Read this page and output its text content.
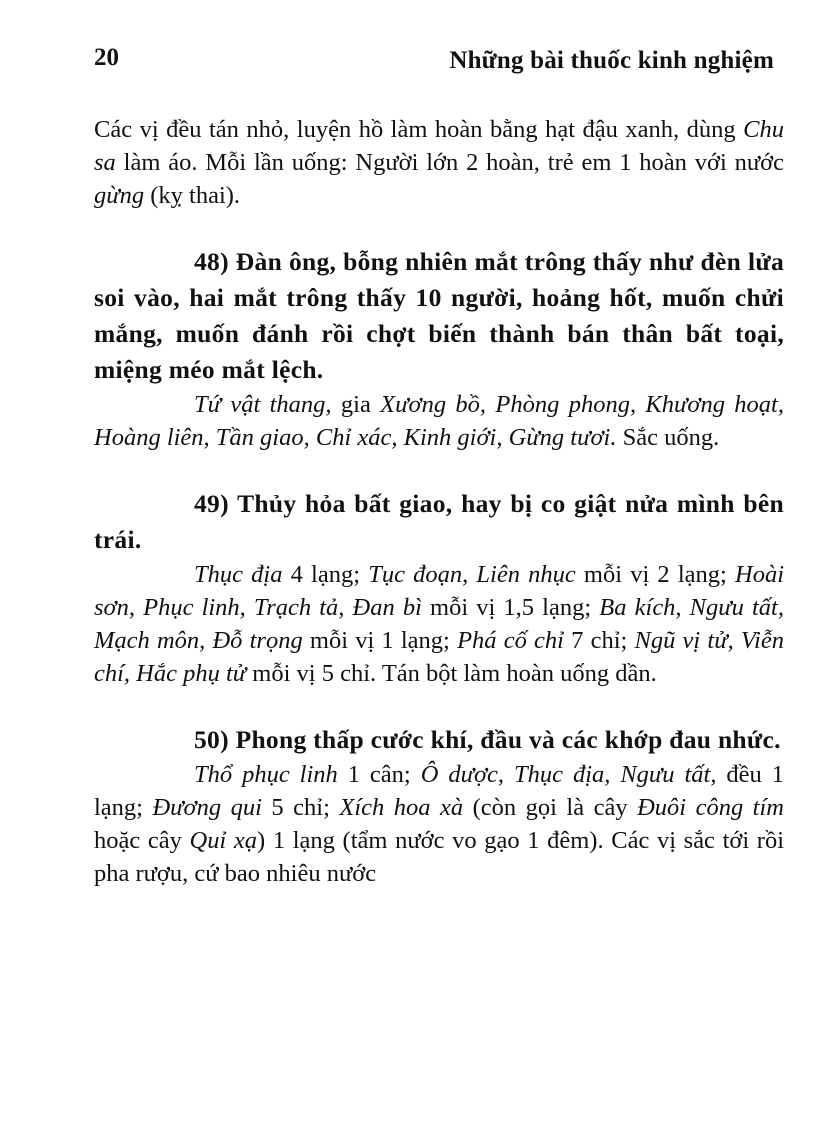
20	Những bài thuốc kinh nghiệm

Các vị đều tán nhỏ, luyện hồ làm hoàn bằng hạt đậu xanh, dùng Chu sa làm áo. Mỗi lần uống: Người lớn 2 hoàn, trẻ em 1 hoàn với nước gừng (kỵ thai).

48) Đàn ông, bỗng nhiên mắt trông thấy như đèn lửa soi vào, hai mắt trông thấy 10 người, hoảng hốt, muốn chửi mắng, muốn đánh rồi chợt biến thành bán thân bất toại, miệng méo mắt lệch.

Tứ vật thang, gia Xương bồ, Phòng phong, Khương hoạt, Hoàng liên, Tần giao, Chỉ xác, Kinh giới, Gừng tươi. Sắc uống.

49) Thủy hỏa bất giao, hay bị co giật nửa mình bên trái.

Thục địa 4 lạng; Tục đoạn, Liên nhục mỗi vị 2 lạng; Hoài sơn, Phục linh, Trạch tả, Đan bì mỗi vị 1,5 lạng; Ba kích, Ngưu tất, Mạch môn, Đỗ trọng mỗi vị 1 lạng; Phá cố chỉ 7 chỉ; Ngũ vị tử, Viễn chí, Hắc phụ tử mỗi vị 5 chỉ. Tán bột làm hoàn uống dần.

50) Phong thấp cước khí, đầu và các khớp đau nhức.

Thổ phục linh 1 cân; Ô dược, Thục địa, Ngưu tất, đều 1 lạng; Đương qui 5 chỉ; Xích hoa xà (còn gọi là cây Đuôi công tím hoặc cây Quỉ xạ) 1 lạng (tẩm nước vo gạo 1 đêm). Các vị sắc tới rồi pha rượu, cứ bao nhiêu nước
